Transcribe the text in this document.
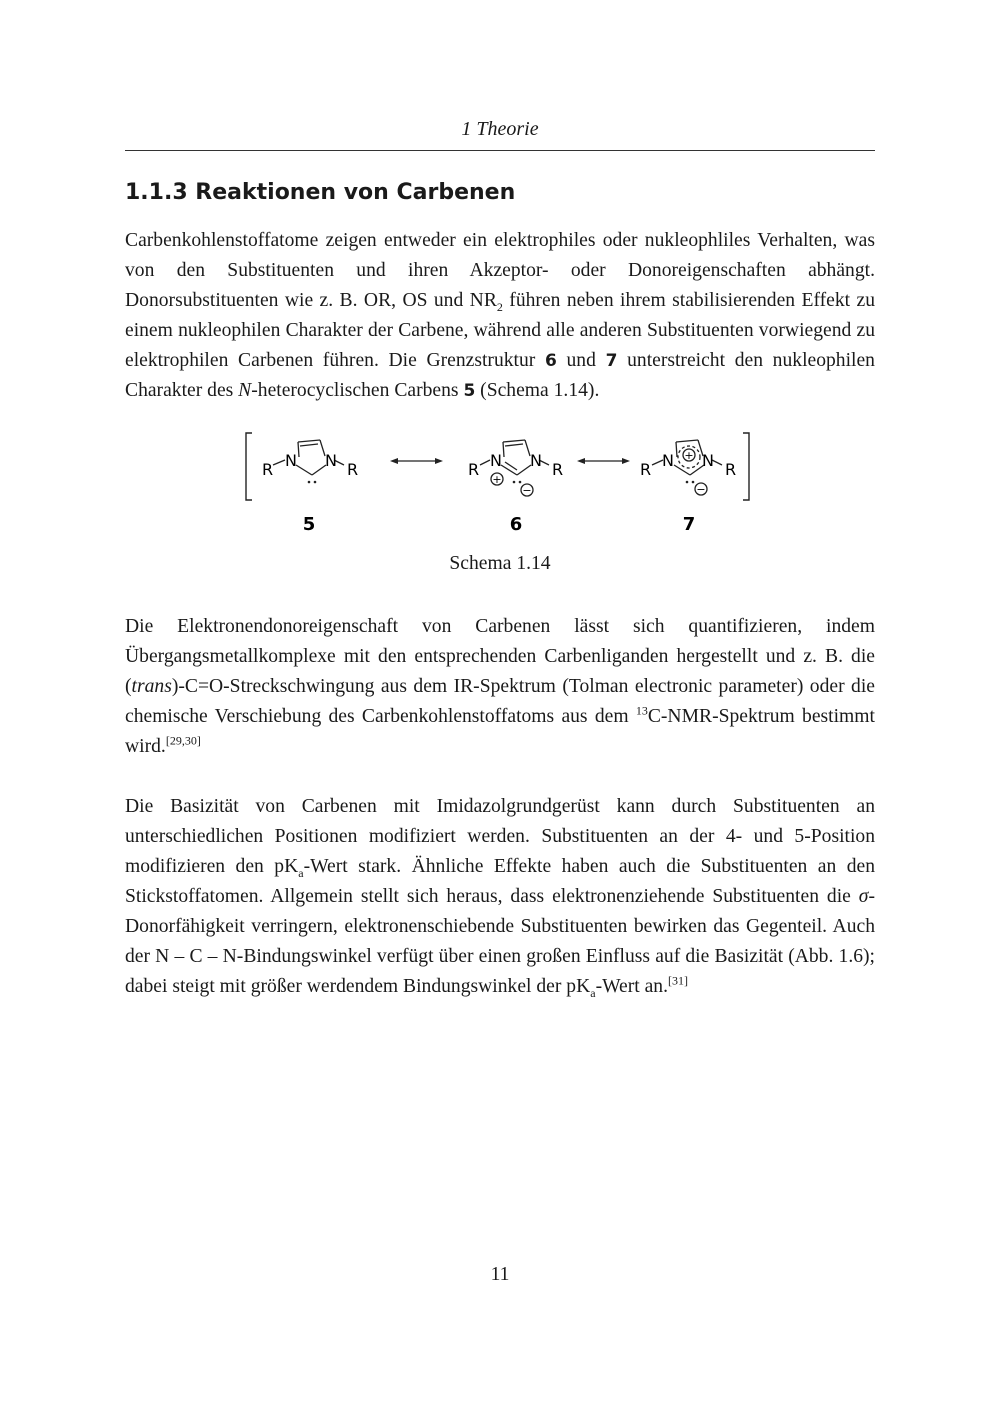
1 Theorie
1.1.3 Reaktionen von Carbenen

Carbenkohlenstoffatome zeigen entweder ein elektrophiles oder nukleophliles Verhalten, was von den Substituenten und ihren Akzeptor- oder Donoreigenschaften abhängt. Donorsubstituenten wie z. B. OR, OS und $NR_2$ führen neben ihrem stabilisierenden Effekt zu einem nukleophilen Charakter der Carbene, während alle anderen Substituenten vorwiegend zu elektrophilen Carbenen führen. Die Grenzstruktur 6 und 7 unterstreicht den nukleophilen Charakter des N-heterocyclischen Carbens 5 (Schema 1.14).

R N N R	R N N R
+
−
R N N R
+
−
5	6	7
Schema 1.14

Die Elektronendonoreigenschaft von Carbenen lässt sich quantifizieren, indem Übergangsmetallkomplexe mit den entsprechenden Carbenliganden hergestellt und z. B. die (trans)-C=O-Streckschwingung aus dem IR-Spektrum (Tolman electronic parameter) oder die chemische Verschiebung des Carbenkohlenstoffatoms aus dem $^{13}$C-NMR-Spektrum bestimmt wird.[29,30]

Die Basizität von Carbenen mit Imidazolgrundgerüst kann durch Substituenten an unterschiedlichen Positionen modifiziert werden. Substituenten an der 4- und 5-Position modifizieren den $pK_a$-Wert stark. Ähnliche Effekte haben auch die Substituenten an den Stickstoffatomen. Allgemein stellt sich heraus, dass elektronenziehende Substituenten die σ-Donorfähigkeit verringern, elektronenschiebende Substituenten bewirken das Gegenteil. Auch der N – C – N-Bindungswinkel verfügt über einen großen Einfluss auf die Basizität (Abb. 1.6); dabei steigt mit größer werdendem Bindungswinkel der $pK_a$-Wert an.[31]

11
